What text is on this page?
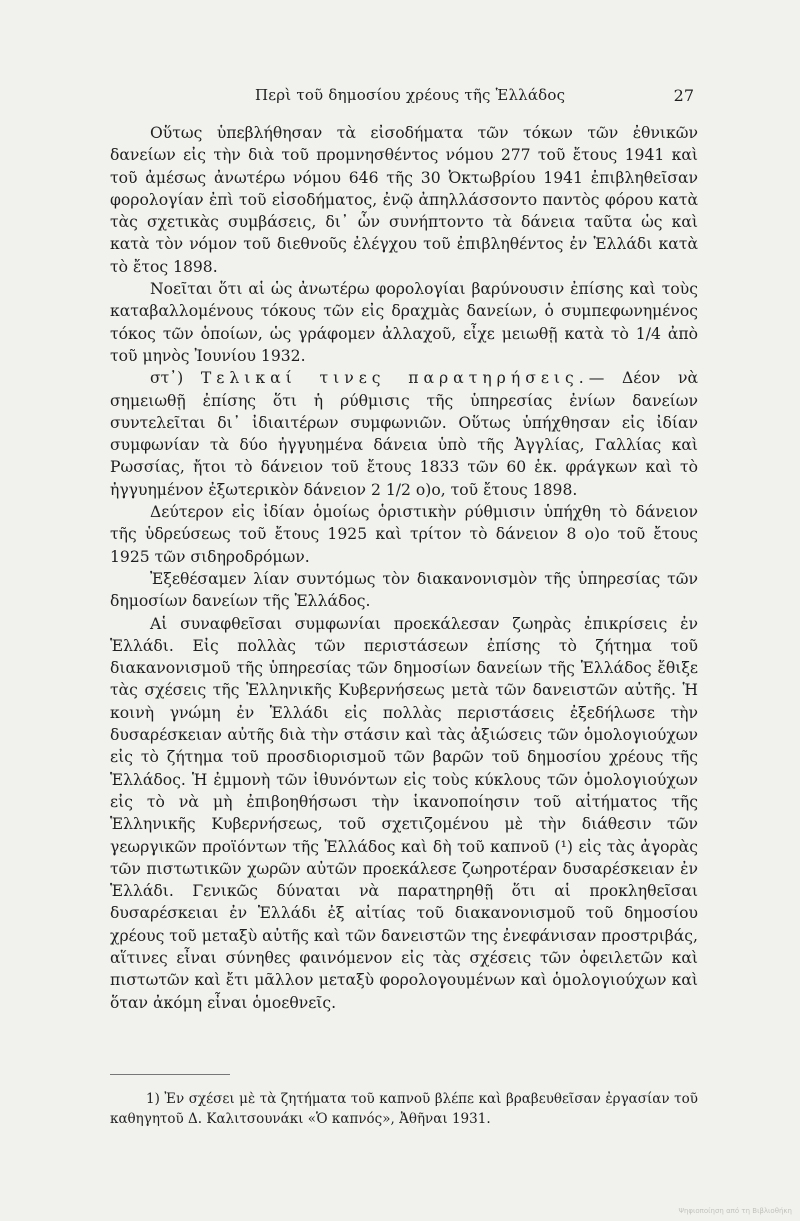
Περὶ τοῦ δημοσίου χρέους τῆς Ἑλλάδος	27

Οὕτως ὑπεβλήθησαν τὰ εἰσοδήματα τῶν τόκων τῶν ἐθνικῶν δανείων εἰς τὴν διὰ τοῦ προμνησθέντος νόμου 277 τοῦ ἔτους 1941 καὶ τοῦ ἀμέσως ἀνωτέρω νόμου 646 τῆς 30 Ὀκτωβρίου 1941 ἐπιβληθεῖσαν φορολογίαν ἐπὶ τοῦ εἰσοδήματος, ἐνῷ ἀπηλλάσσοντο παντὸς φόρου κατὰ τὰς σχετικὰς συμβάσεις, δι᾽ ὧν συνήπτοντο τὰ δάνεια ταῦτα ὡς καὶ κατὰ τὸν νόμον τοῦ διεθνοῦς ἐλέγχου τοῦ ἐπιβληθέντος ἐν Ἑλλάδι κατὰ τὸ ἔτος 1898.

Νοεῖται ὅτι αἱ ὡς ἀνωτέρω φορολογίαι βαρύνουσιν ἐπίσης καὶ τοὺς καταβαλλομένους τόκους τῶν εἰς δραχμὰς δανείων, ὁ συμπεφωνημένος τόκος τῶν ὁποίων, ὡς γράφομεν ἀλλαχοῦ, εἶχε μειωθῇ κατὰ τὸ 1/4 ἀπὸ τοῦ μηνὸς Ἰουνίου 1932.

στ᾽) Τελικαί τινες παρατηρήσεις.— Δέον νὰ σημειωθῇ ἐπίσης ὅτι ἡ ρύθμισις τῆς ὑπηρεσίας ἐνίων δανείων συντελεῖται δι᾽ ἰδιαιτέρων συμφωνιῶν. Οὕτως ὑπήχθησαν εἰς ἰδίαν συμφωνίαν τὰ δύο ἠγγυημένα δάνεια ὑπὸ τῆς Ἀγγλίας, Γαλλίας καὶ Ρωσσίας, ἤτοι τὸ δάνειον τοῦ ἔτους 1833 τῶν 60 ἑκ. φράγκων καὶ τὸ ἠγγυημένον ἐξωτερικὸν δάνειον 2 1/2 ο)ο, τοῦ ἔτους 1898.

Δεύτερον εἰς ἰδίαν ὁμοίως ὁριστικὴν ρύθμισιν ὑπήχθη τὸ δάνειον τῆς ὑδρεύσεως τοῦ ἔτους 1925 καὶ τρίτον τὸ δάνειον 8 ο)ο τοῦ ἔτους 1925 τῶν σιδηροδρόμων.

Ἐξεθέσαμεν λίαν συντόμως τὸν διακανονισμὸν τῆς ὑπηρεσίας τῶν δημοσίων δανείων τῆς Ἑλλάδος.

Αἱ συναφθεῖσαι συμφωνίαι προεκάλεσαν ζωηρὰς ἐπικρίσεις ἐν Ἑλλάδι. Εἰς πολλὰς τῶν περιστάσεων ἐπίσης τὸ ζήτημα τοῦ διακανονισμοῦ τῆς ὑπηρεσίας τῶν δημοσίων δανείων τῆς Ἑλλάδος ἔθιξε τὰς σχέσεις τῆς Ἑλληνικῆς Κυβερνήσεως μετὰ τῶν δανειστῶν αὐτῆς. Ἡ κοινὴ γνώμη ἐν Ἑλλάδι εἰς πολλὰς περιστάσεις ἐξεδήλωσε τὴν δυσαρέσκειαν αὐτῆς διὰ τὴν στάσιν καὶ τὰς ἀξιώσεις τῶν ὁμολογιούχων εἰς τὸ ζήτημα τοῦ προσδιορισμοῦ τῶν βαρῶν τοῦ δημοσίου χρέους τῆς Ἑλλάδος. Ἡ ἐμμονὴ τῶν ἰθυνόντων εἰς τοὺς κύκλους τῶν ὁμολογιούχων εἰς τὸ νὰ μὴ ἐπιβοηθήσωσι τὴν ἱκανοποίησιν τοῦ αἰτήματος τῆς Ἑλληνικῆς Κυβερνήσεως, τοῦ σχετιζομένου μὲ τὴν διάθεσιν τῶν γεωργικῶν προϊόντων τῆς Ἑλλάδος καὶ δὴ τοῦ καπνοῦ (¹) εἰς τὰς ἀγορὰς τῶν πιστωτικῶν χωρῶν αὐτῶν προεκάλεσε ζωηροτέραν δυσαρέσκειαν ἐν Ἑλλάδι. Γενικῶς δύναται νὰ παρατηρηθῇ ὅτι αἱ προκληθεῖσαι δυσαρέσκειαι ἐν Ἑλλάδι ἐξ αἰτίας τοῦ διακανονισμοῦ τοῦ δημοσίου χρέους τοῦ μεταξὺ αὐτῆς καὶ τῶν δανειστῶν της ἐνεφάνισαν προστριβάς, αἵτινες εἶναι σύνηθες φαινόμενον εἰς τὰς σχέσεις τῶν ὀφειλετῶν καὶ πιστωτῶν καὶ ἔτι μᾶλλον μεταξὺ φορολογουμένων καὶ ὁμολογιούχων καὶ ὅταν ἀκόμη εἶναι ὁμοεθνεῖς.

1) Ἐν σχέσει μὲ τὰ ζητήματα τοῦ καπνοῦ βλέπε καὶ βραβευθεῖσαν ἐργασίαν τοῦ καθηγητοῦ Δ. Καλιτσουνάκι «Ὁ καπνός», Ἀθῆναι 1931.
Ψηφιοποίηση από τη Βιβλιοθήκη
